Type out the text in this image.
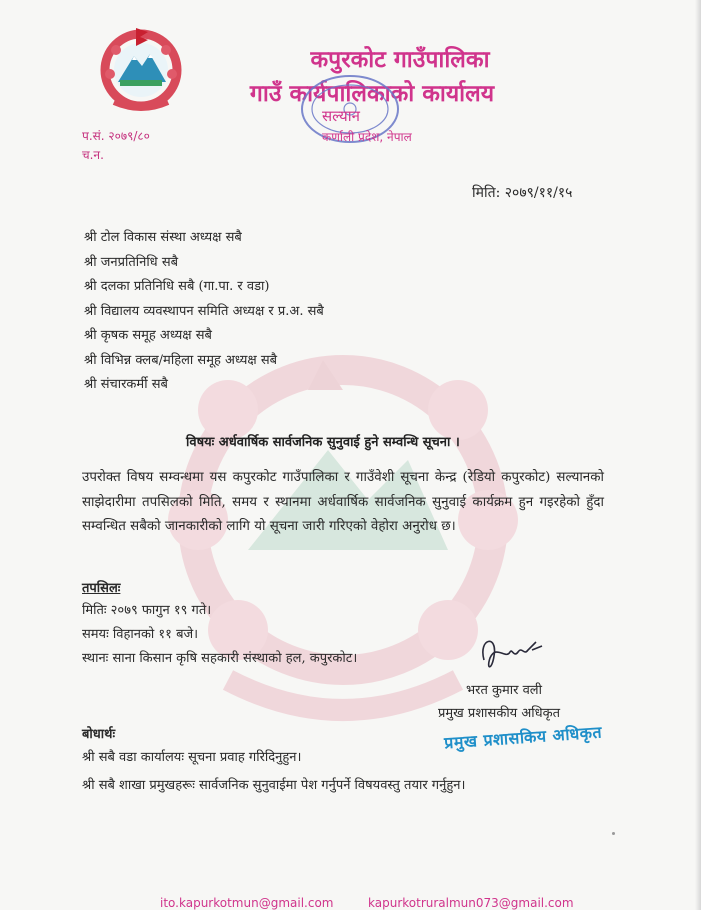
कपुरकोट गाउँपालिका
गाउँ कार्यपालिकाको कार्यालय
सल्यान
कर्णाली प्रदेश, नेपाल
प.सं. २०७९/८०
च.न.
मिति: २०७९/११/१५
श्री टोल विकास संस्था अध्यक्ष सबै
श्री जनप्रतिनिधि सबै
श्री दलका प्रतिनिधि सबै (गा.पा. र वडा)
श्री विद्यालय व्यवस्थापन समिति अध्यक्ष र प्र.अ. सबै
श्री कृषक समूह अध्यक्ष सबै
श्री विभिन्न क्लब/महिला समूह अध्यक्ष सबै
श्री संचारकर्मी सबै
विषयः अर्धवार्षिक सार्वजनिक सुनुवाई हुने सम्वन्धि सूचना ।

उपरोक्त विषय सम्वन्धमा यस कपुरकोट गाउँपालिका र गाउँवेशी सूचना केन्द्र (रेडियो कपुरकोट) सल्यानको साझेदारीमा तपसिलको मिति, समय र स्थानमा अर्धवार्षिक सार्वजनिक सुनुवाई कार्यक्रम हुन गइरहेको हुँदा सम्वन्धित सबैको जानकारीको लागि यो सूचना जारी गरिएको वेहोरा अनुरोध छ।

तपसिलः
मितिः २०७९ फागुन १९ गते।
समयः विहानको ११ बजे।
स्थानः साना किसान कृषि सहकारी संस्थाको हल, कपुरकोट।
भरत कुमार वली
प्रमुख प्रशासकीय अधिकृत
प्रमुख प्रशासकिय अधिकृत
बोधार्थः
श्री सबै वडा कार्यालयः सूचना प्रवाह गरिदिनुहुन।
श्री सबै शाखा प्रमुखहरूः सार्वजनिक सुनुवाईमा पेश गर्नुपर्ने विषयवस्तु तयार गर्नुहुन।
ito.kapurkotmun@gmail.com	kapurkotruralmun073@gmail.com
